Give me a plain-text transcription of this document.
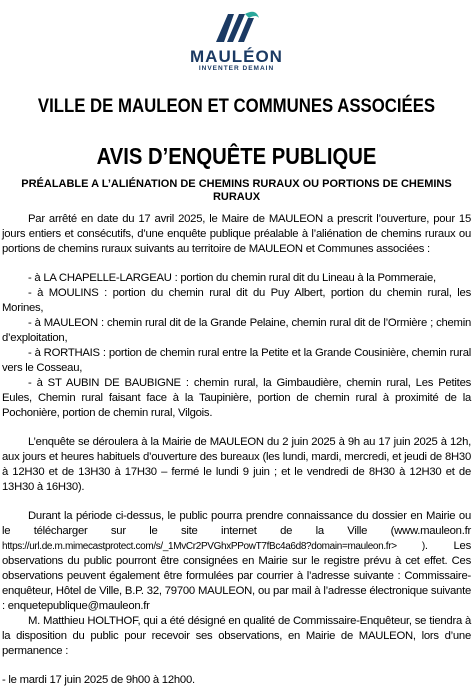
MAULÉON
INVENTER DEMAIN
VILLE DE MAULEON ET COMMUNES ASSOCIÉES
AVIS D’ENQUÊTE PUBLIQUE
PRÉALABLE A L’ALIÉNATION DE CHEMINS RURAUX OU PORTIONS DE CHEMINS RURAUX

Par arrêté en date du 17 avril 2025, le Maire de MAULEON a prescrit l’ouverture, pour 15 jours entiers et consécutifs, d’une enquête publique préalable à l’aliénation de chemins ruraux ou portions de chemins ruraux suivants au territoire de MAULEON et Communes associées :

- à LA CHAPELLE-LARGEAU : portion du chemin rural dit du Lineau à la Pommeraie,

- à MOULINS : portion du chemin rural dit du Puy Albert, portion du chemin rural, les Morines,

- à MAULEON : chemin rural dit de la Grande Pelaine, chemin rural dit de l’Ormière ; chemin d’exploitation,

- à RORTHAIS : portion de chemin rural entre la Petite et la Grande Cousinière, chemin rural vers le Cosseau,

- à ST AUBIN DE BAUBIGNE : chemin rural, la Gimbaudière, chemin rural, Les Petites Eules, Chemin rural faisant face à la Taupinière, portion de chemin rural à proximité de la Pochonière, portion de chemin rural, Vilgois.

L’enquête se déroulera à la Mairie de MAULEON du 2 juin 2025 à 9h au 17 juin 2025 à 12h, aux jours et heures habituels d’ouverture des bureaux (les lundi, mardi, mercredi, et jeudi de 8H30 à 12H30 et de 13H30 à 17H30 – fermé le lundi 9 juin ; et le vendredi de 8H30 à 12H30 et de 13H30 à 16H30).

Durant la période ci-dessus, le public pourra prendre connaissance du dossier en Mairie ou le télécharger sur le site internet de la Ville (www.mauleon.fr https://url.de.m.mimecastprotect.com/s/_1MvCr2PVGhxPPowT7fBc4a6d8?domain=mauleon.fr> ). Les observations du public pourront être consignées en Mairie sur le registre prévu à cet effet. Ces observations peuvent également être formulées par courrier à l’adresse suivante : Commissaire-enquêteur, Hôtel de Ville, B.P. 32, 79700 MAULEON, ou par mail à l’adresse électronique suivante : enquetepublique@mauleon.fr

M. Matthieu HOLTHOF, qui a été désigné en qualité de Commissaire-Enquêteur, se tiendra à la disposition du public pour recevoir ses observations, en Mairie de MAULEON, lors d’une permanence :

- le mardi 17 juin 2025 de 9h00 à 12h00.
